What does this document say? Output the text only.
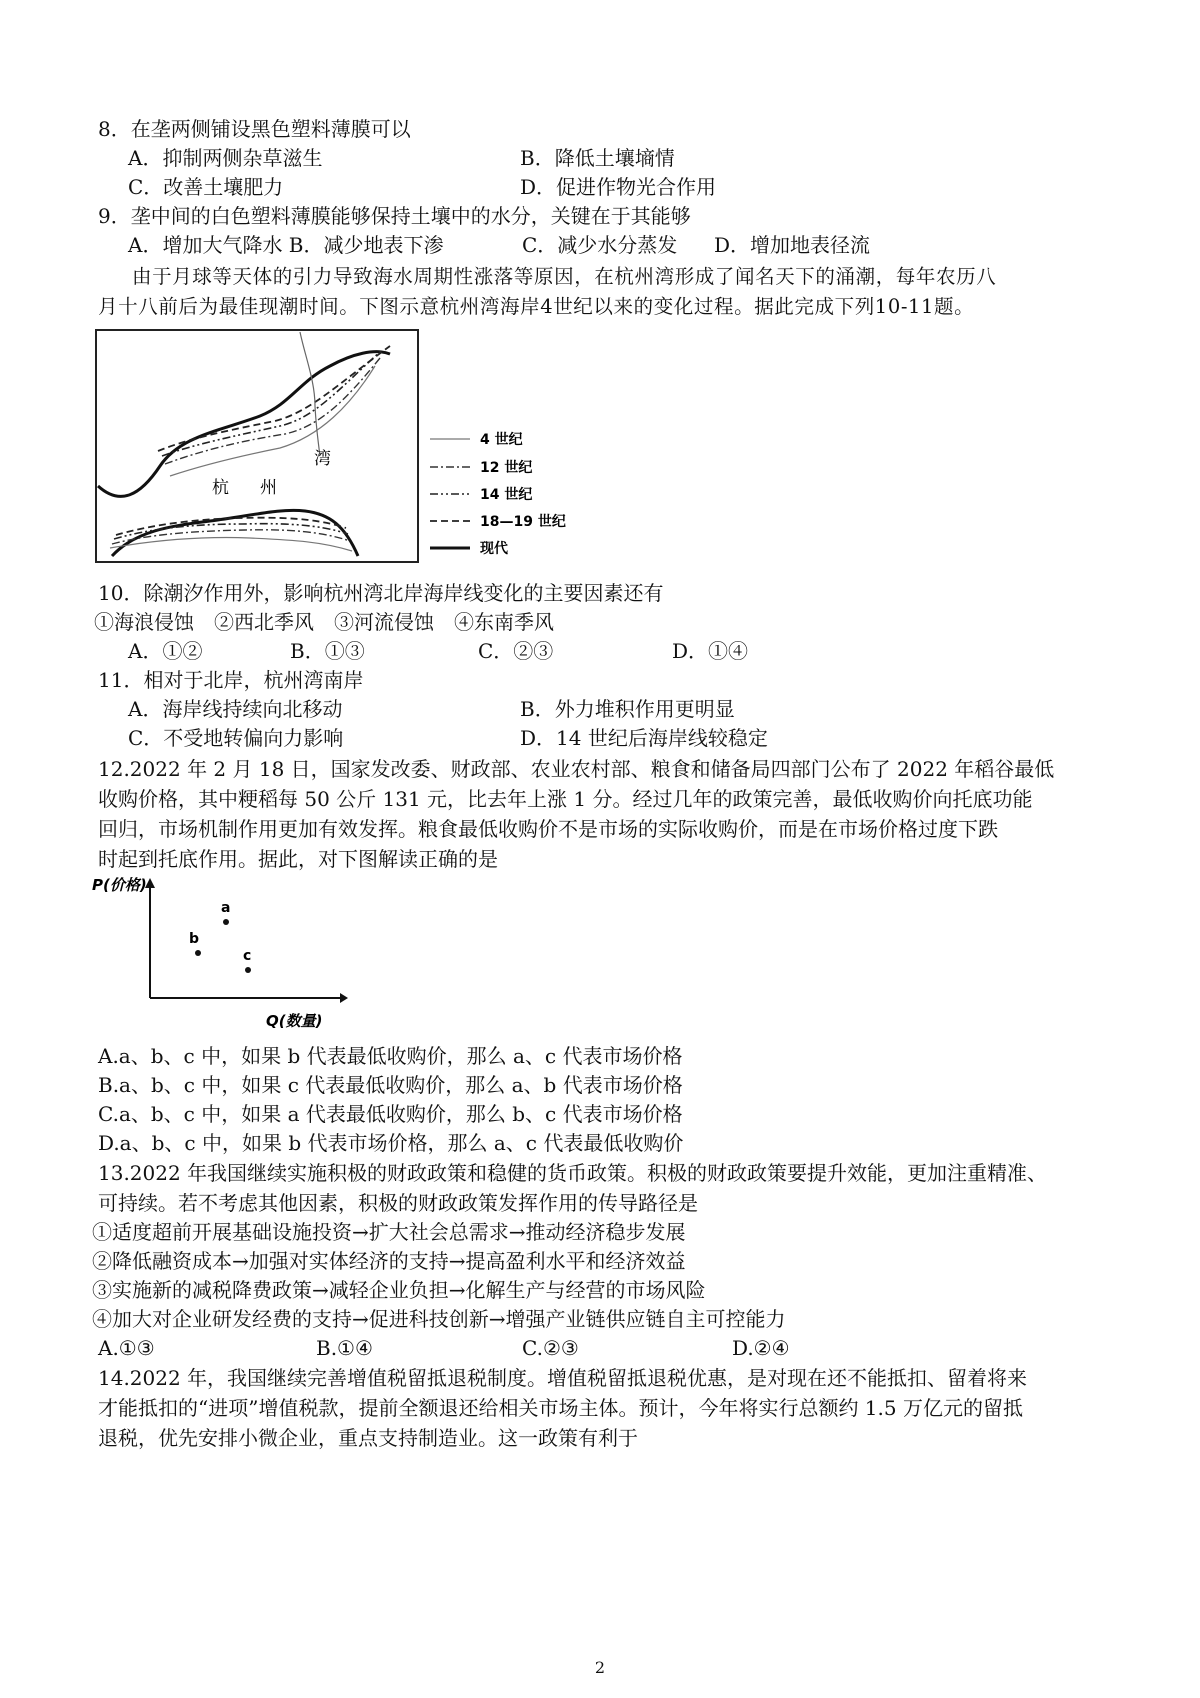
8．在垄两侧铺设黑色塑料薄膜可以
A．抑制两侧杂草滋生	B．降低土壤墒情
C．改善土壤肥力	D．促进作物光合作用
9．垄中间的白色塑料薄膜能够保持土壤中的水分，关键在于其能够
A．增加大气降水 B．减少地表下渗	C．减少水分蒸发 D．增加地表径流
由于月球等天体的引力导致海水周期性涨落等原因，在杭州湾形成了闻名天下的涌潮，每年农历八
月十八前后为最佳现潮时间。下图示意杭州湾海岸4世纪以来的变化过程。据此完成下列10-11题。
杭 州
湾
4 世纪
12 世纪
14 世纪
18—19 世纪
现代
10．除潮汐作用外，影响杭州湾北岸海岸线变化的主要因素还有
①海浪侵蚀　②西北季风　③河流侵蚀　④东南季风
A．①②	B．①③	C．②③	D．①④
11．相对于北岸，杭州湾南岸
A．海岸线持续向北移动	B．外力堆积作用更明显
C．不受地转偏向力影响	D．14 世纪后海岸线较稳定
12.2022 年 2 月 18 日，国家发改委、财政部、农业农村部、粮食和储备局四部门公布了 2022 年稻谷最低
收购价格，其中粳稻每 50 公斤 131 元，比去年上涨 1 分。经过几年的政策完善，最低收购价向托底功能
回归，市场机制作用更加有效发挥。粮食最低收购价不是市场的实际收购价，而是在市场价格过度下跌
时起到托底作用。据此，对下图解读正确的是
P(价格)
Q(数量)
a
b
c
A.a、b、c 中，如果 b 代表最低收购价，那么 a、c 代表市场价格
B.a、b、c 中，如果 c 代表最低收购价，那么 a、b 代表市场价格
C.a、b、c 中，如果 a 代表最低收购价，那么 b、c 代表市场价格
D.a、b、c 中，如果 b 代表市场价格，那么 a、c 代表最低收购价
13.2022 年我国继续实施积极的财政政策和稳健的货币政策。积极的财政政策要提升效能，更加注重精准、
可持续。若不考虑其他因素，积极的财政政策发挥作用的传导路径是
①适度超前开展基础设施投资→扩大社会总需求→推动经济稳步发展
②降低融资成本→加强对实体经济的支持→提高盈利水平和经济效益
③实施新的减税降费政策→减轻企业负担→化解生产与经营的市场风险
④加大对企业研发经费的支持→促进科技创新→增强产业链供应链自主可控能力
A.①③	B.①④	C.②③	D.②④
14.2022 年，我国继续完善增值税留抵退税制度。增值税留抵退税优惠，是对现在还不能抵扣、留着将来
才能抵扣的“进项”增值税款，提前全额退还给相关市场主体。预计，今年将实行总额约 1.5 万亿元的留抵
退税，优先安排小微企业，重点支持制造业。这一政策有利于
2
